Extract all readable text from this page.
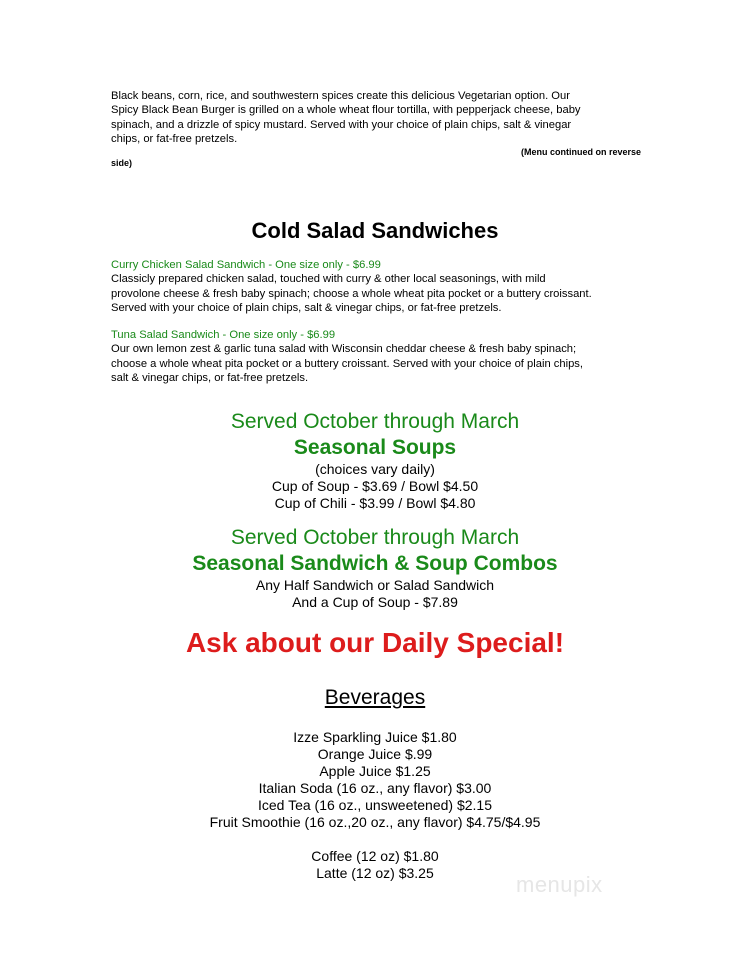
Black beans, corn, rice, and southwestern spices create this delicious Vegetarian option. Our
Spicy Black Bean Burger is grilled on a whole wheat flour tortilla, with pepperjack cheese, baby
spinach, and a drizzle of spicy mustard. Served with your choice of plain chips, salt & vinegar
chips, or fat-free pretzels.
(Menu continued on reverse
side)
Cold Salad Sandwiches
Curry Chicken Salad Sandwich - One size only - $6.99
Classicly prepared chicken salad, touched with curry & other local seasonings, with mild
provolone cheese & fresh baby spinach; choose a whole wheat pita pocket or a buttery croissant.
Served with your choice of plain chips, salt & vinegar chips, or fat-free pretzels.
Tuna Salad Sandwich - One size only - $6.99
Our own lemon zest & garlic tuna salad with Wisconsin cheddar cheese & fresh baby spinach;
choose a whole wheat pita pocket or a buttery croissant. Served with your choice of plain chips,
salt & vinegar chips, or fat-free pretzels.
Served October through March
Seasonal Soups
(choices vary daily)
Cup of Soup - $3.69 / Bowl $4.50
Cup of Chili - $3.99 / Bowl $4.80
Served October through March
Seasonal Sandwich & Soup Combos
Any Half Sandwich or Salad Sandwich
And a Cup of Soup - $7.89
Ask about our Daily Special!
Beverages
Izze Sparkling Juice $1.80
Orange Juice $.99
Apple Juice $1.25
Italian Soda (16 oz., any flavor) $3.00
Iced Tea (16 oz., unsweetened) $2.15
Fruit Smoothie (16 oz.,20 oz., any flavor) $4.75/$4.95
Coffee (12 oz) $1.80
Latte (12 oz) $3.25	menupix
